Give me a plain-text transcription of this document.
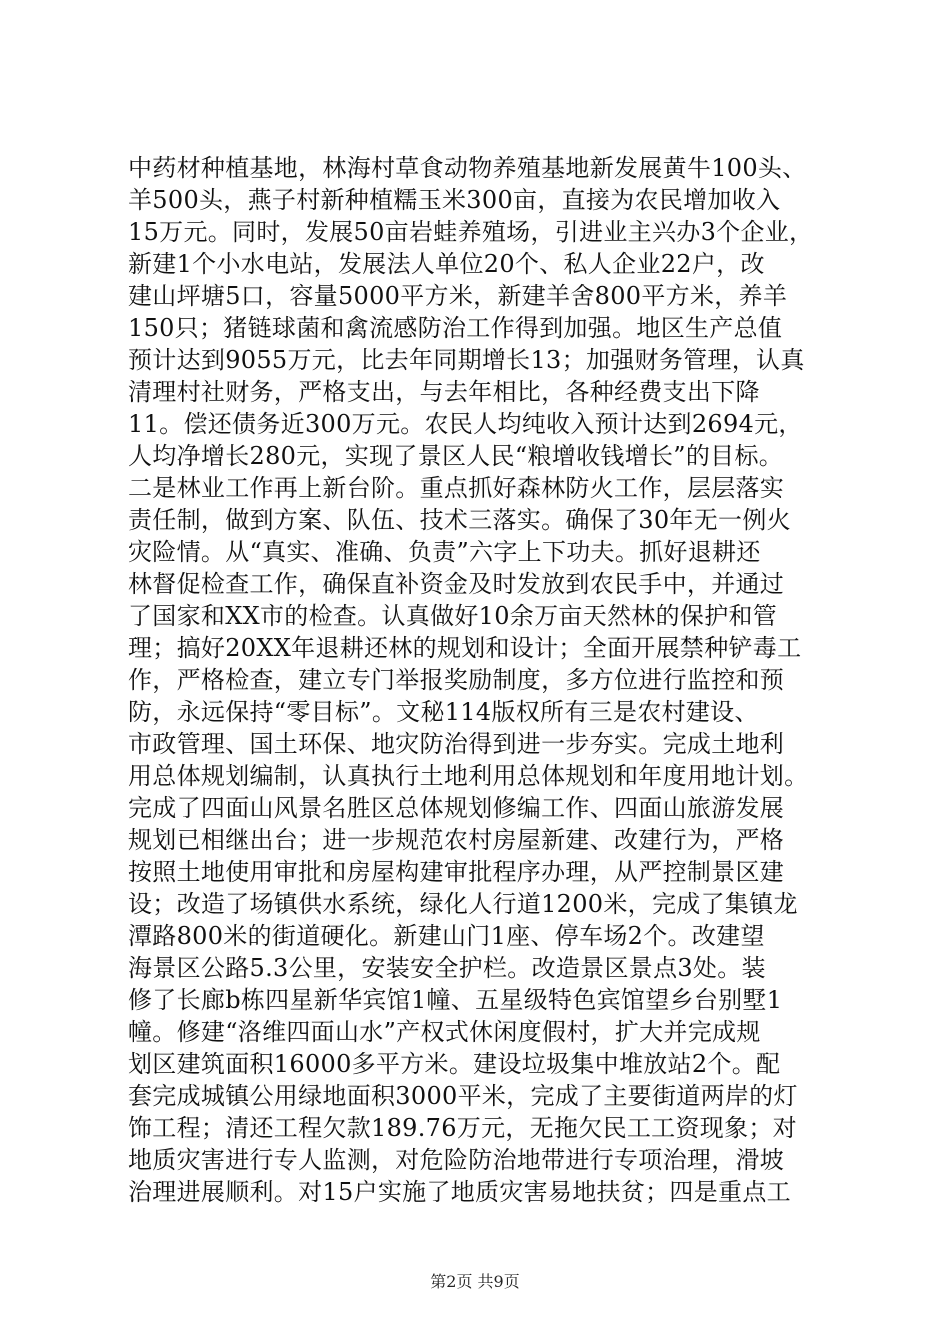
中药材种植基地，林海村草食动物养殖基地新发展黄牛100头、
羊500头，燕子村新种植糯玉米300亩，直接为农民增加收入
15万元。同时，发展50亩岩蛙养殖场，引进业主兴办3个企业，
新建1个小水电站，发展法人单位20个、私人企业22户，改
建山坪塘5口，容量5000平方米，新建羊舍800平方米，养羊
150只；猪链球菌和禽流感防治工作得到加强。地区生产总值
预计达到9055万元，比去年同期增长13；加强财务管理，认真
清理村社财务，严格支出，与去年相比，各种经费支出下降
11。偿还债务近300万元。农民人均纯收入预计达到2694元，
人均净增长280元，实现了景区人民“粮增收钱增长”的目标。
二是林业工作再上新台阶。重点抓好森林防火工作，层层落实
责任制，做到方案、队伍、技术三落实。确保了30年无一例火
灾险情。从“真实、准确、负责”六字上下功夫。抓好退耕还
林督促检查工作，确保直补资金及时发放到农民手中，并通过
了国家和XX市的检查。认真做好10余万亩天然林的保护和管
理；搞好20XX年退耕还林的规划和设计；全面开展禁种铲毒工
作，严格检查，建立专门举报奖励制度，多方位进行监控和预
防，永远保持“零目标”。文秘114版权所有三是农村建设、
市政管理、国土环保、地灾防治得到进一步夯实。完成土地利
用总体规划编制，认真执行土地利用总体规划和年度用地计划。
完成了四面山风景名胜区总体规划修编工作、四面山旅游发展
规划已相继出台；进一步规范农村房屋新建、改建行为，严格
按照土地使用审批和房屋构建审批程序办理，从严控制景区建
设；改造了场镇供水系统，绿化人行道1200米，完成了集镇龙
潭路800米的街道硬化。新建山门1座、停车场2个。改建望
海景区公路5.3公里，安装安全护栏。改造景区景点3处。装
修了长廊b栋四星新华宾馆1幢、五星级特色宾馆望乡台别墅1
幢。修建“洛维四面山水”产权式休闲度假村，扩大并完成规
划区建筑面积16000多平方米。建设垃圾集中堆放站2个。配
套完成城镇公用绿地面积3000平米，完成了主要街道两岸的灯
饰工程；清还工程欠款189.76万元，无拖欠民工工资现象；对
地质灾害进行专人监测，对危险防治地带进行专项治理，滑坡
治理进展顺利。对15户实施了地质灾害易地扶贫；四是重点工
第2页 共9页
